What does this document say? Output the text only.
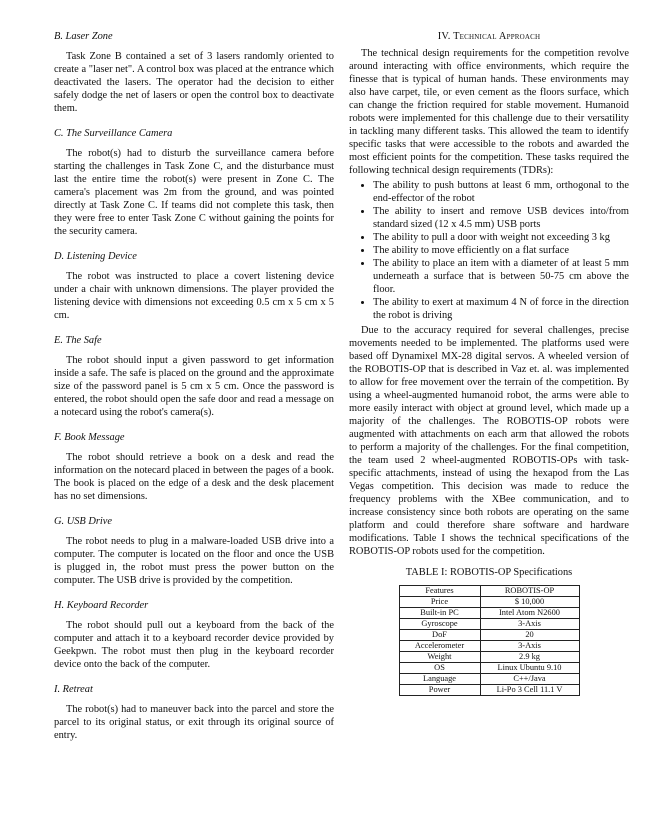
B. Laser Zone

Task Zone B contained a set of 3 lasers randomly oriented to create a "laser net". A control box was placed at the entrance which deactivated the lasers. The operator had the decision to either safely dodge the net of lasers or open the control box to deactivate them.

C. The Surveillance Camera

The robot(s) had to disturb the surveillance camera before starting the challenges in Task Zone C, and the disturbance must last the entire time the robot(s) were present in Zone C. The camera's placement was 2m from the ground, and was pointed directly at Task Zone C. If teams did not complete this task, then they were free to enter Task Zone C without gaining the points for the security camera.

D. Listening Device

The robot was instructed to place a covert listening device under a chair with unknown dimensions. The player provided the listening device with dimensions not exceeding 0.5 cm x 5 cm x 5 cm.

E. The Safe

The robot should input a given password to get information inside a safe. The safe is placed on the ground and the approximate size of the password panel is 5 cm x 5 cm. Once the password is entered, the robot should open the safe door and read a message on a notecard using the robot's camera(s).

F. Book Message

The robot should retrieve a book on a desk and read the information on the notecard placed in between the pages of a book. The book is placed on the edge of a desk and the desk placement has no set dimensions.

G. USB Drive

The robot needs to plug in a malware-loaded USB drive into a computer. The computer is located on the floor and once the USB is plugged in, the robot must press the power button on the computer. The USB drive is provided by the competition.

H. Keyboard Recorder

The robot should pull out a keyboard from the back of the computer and attach it to a keyboard recorder device provided by Geekpwn. The robot must then plug in the keyboard recorder device onto the back of the computer.

I. Retreat

The robot(s) had to maneuver back into the parcel and store the parcel to its original status, or exit through its original source of entry.

IV. Technical Approach

The technical design requirements for the competition revolve around interacting with office environments, which require the finesse that is typical of human hands. These environments may also have carpet, tile, or even cement as the floors surface, which can change the friction required for stable movement. Humanoid robots were implemented for this challenge due to their versatility in tackling many different tasks. This allowed the team to identify specific tasks that were accessible to the robots and awarded the most efficient points for the competition. These tasks required the following technical design requirements (TDRs):

• The ability to push buttons at least 6 mm, orthogonal to the end-effector of the robot
• The ability to insert and remove USB devices into/from standard sized (12 x 4.5 mm) USB ports
• The ability to pull a door with weight not exceeding 3 kg
• The ability to move efficiently on a flat surface
• The ability to place an item with a diameter of at least 5 mm underneath a surface that is between 50-75 cm above the floor.
• The ability to exert at maximum 4 N of force in the direction the robot is driving

Due to the accuracy required for several challenges, precise movements needed to be implemented. The platforms used were based off Dynamixel MX-28 digital servos. A wheeled version of the ROBOTIS-OP that is described in Vaz et. al. was implemented to allow for free movement over the terrain of the competition. By using a wheel-augmented humanoid robot, the arms were able to more easily interact with object at ground level, which made up a majority of the challenges. The ROBOTIS-OP robots were augmented with attachments on each arm that allowed the robots to perform a majority of the challenges. For the final competition, the team used 2 wheel-augmented ROBOTIS-OPs with task-specific attachments, instead of using the hexapod from the Las Vegas competition. This decision was made to reduce the frequency problems with the XBee communication, and to increase consistency since both robots are operating on the same platform and could therefore share software and hardware modifications. Table I shows the technical specifications of the ROBOTIS-OP robots used for the competition.

TABLE I: ROBOTIS-OP Specifications
Features	ROBOTIS-OP
Price	$ 10,000
Built-in PC	Intel Atom N2600
Gyroscope	3-Axis
DoF	20
Accelerometer	3-Axis
Weight	2.9 kg
OS	Linux Ubuntu 9.10
Language	C++/Java
Power	Li-Po 3 Cell 11.1 V
